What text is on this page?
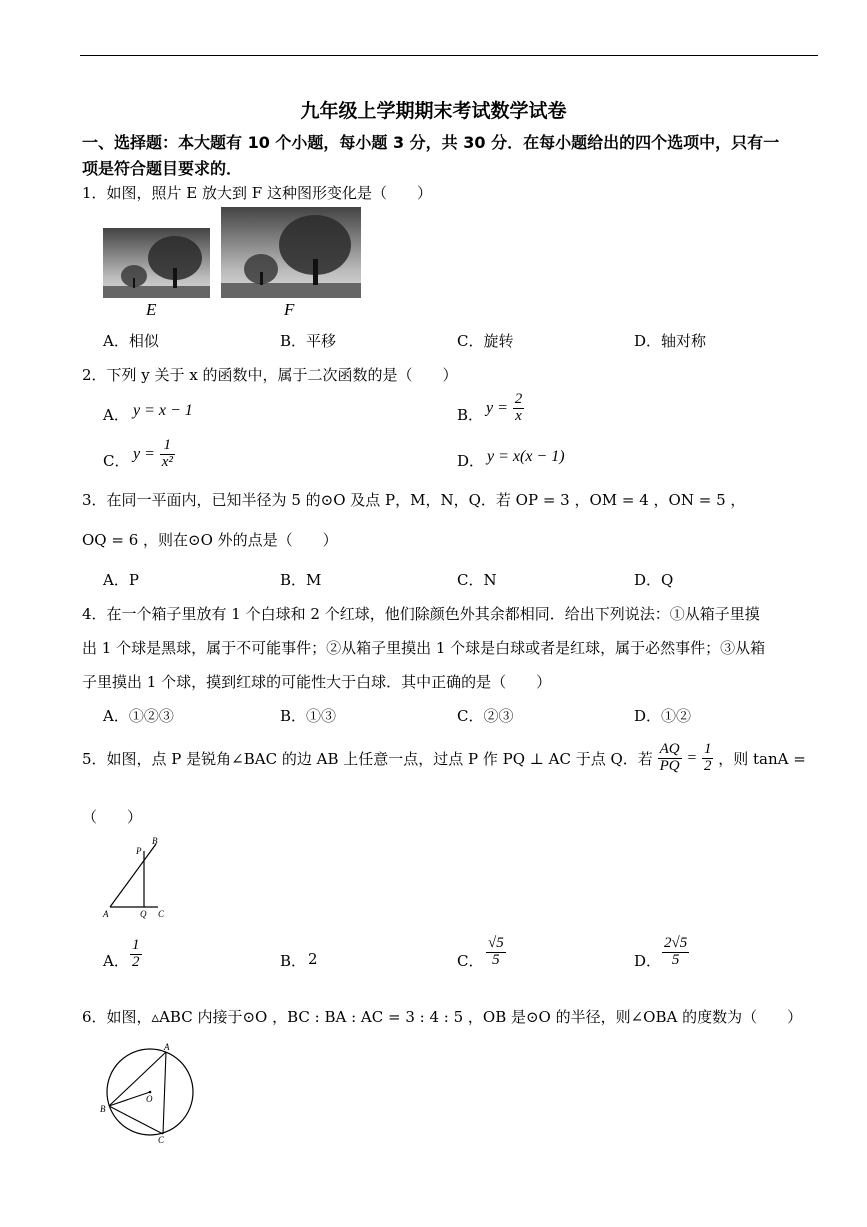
九年级上学期期末考试数学试卷
一、选择题：本大题有 10 个小题，每小题 3 分，共 30 分．在每小题给出的四个选项中，只有一
项是符合题目要求的．
1．如图，照片 E 放大到 F 这种图形变化是（　　）
E	F
A．相似	B．平移	C．旋转	D．轴对称
2．下列 y 关于 x 的函数中，属于二次函数的是（　　）
A． y = x − 1	B． $y = \frac{2}{x}$
C． $y = \frac{1}{\text{x²}}$	D． y = x(x − 1)
3．在同一平面内，已知半径为 5 的⊙O 及点 P，M，N，Q．若 OP = 3 ，OM = 4 ，ON = 5 ，
OQ = 6 ，则在⊙O 外的点是（　　）
A．P	B．M	C．N	D．Q
4．在一个箱子里放有 1 个白球和 2 个红球，他们除颜色外其余都相同．给出下列说法：①从箱子里摸
出 1 个球是黑球，属于不可能事件；②从箱子里摸出 1 个球是白球或者是红球，属于必然事件；③从箱
子里摸出 1 个球，摸到红球的可能性大于白球．其中正确的是（　　）
A．①②③	B．①③	C．②③	D．①②
5．如图，点 P 是锐角∠BAC 的边 AB 上任意一点，过点 P 作 PQ ⊥ AC 于点 Q．若 $\frac{AQ}{PQ} = \frac{1}{2}$ ，则 tanA =
（　　）
P
B
A	Q C
A． $\frac{1}{2}$	B． 2	C． $\frac{√5}{5}$	D． $\frac{2√5}{5}$
6．如图，▵ABC 内接于⊙O ，BC : BA : AC = 3 : 4 : 5 ，OB 是⊙O 的半径，则∠OBA 的度数为（　　）
A
O
B
C
